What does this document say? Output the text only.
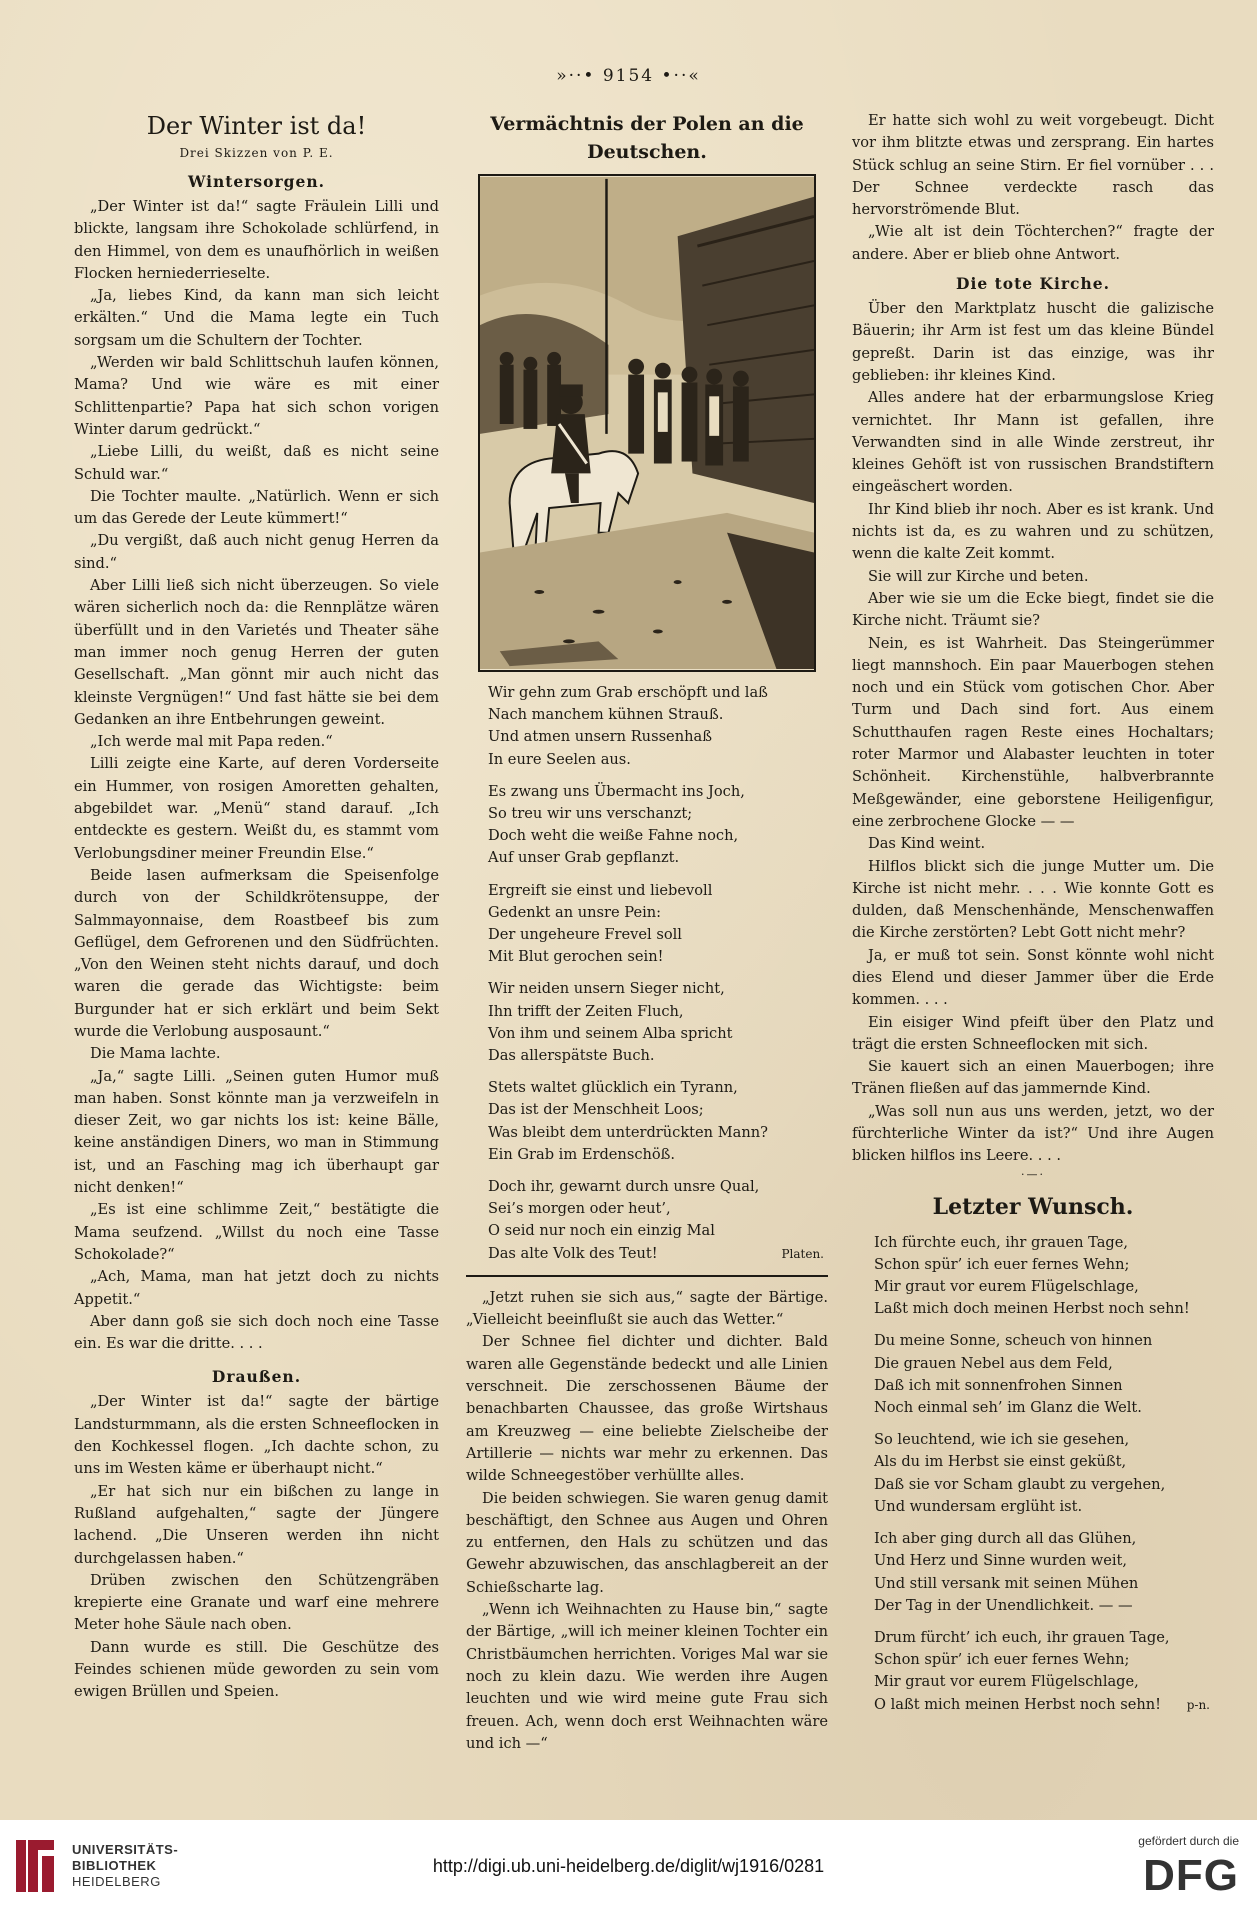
»··• 9154 •··«
Der Winter ist da!
Drei Skizzen von P. E.
Wintersorgen.

„Der Winter ist da!“ sagte Fräulein Lilli und blickte, langsam ihre Schokolade schlürfend, in den Himmel, von dem es unaufhörlich in weißen Flocken herniederrieselte.

„Ja, liebes Kind, da kann man sich leicht erkälten.“ Und die Mama legte ein Tuch sorgsam um die Schultern der Tochter.

„Werden wir bald Schlittschuh laufen können, Mama? Und wie wäre es mit einer Schlittenpartie? Papa hat sich schon vorigen Winter darum gedrückt.“

„Liebe Lilli, du weißt, daß es nicht seine Schuld war.“

Die Tochter maulte. „Natürlich. Wenn er sich um das Gerede der Leute kümmert!“

„Du vergißt, daß auch nicht genug Herren da sind.“

Aber Lilli ließ sich nicht überzeugen. So viele wären sicherlich noch da: die Rennplätze wären überfüllt und in den Varietés und Theater sähe man immer noch genug Herren der guten Gesellschaft. „Man gönnt mir auch nicht das kleinste Vergnügen!“ Und fast hätte sie bei dem Gedanken an ihre Entbehrungen geweint.

„Ich werde mal mit Papa reden.“

Lilli zeigte eine Karte, auf deren Vorderseite ein Hummer, von rosigen Amoretten gehalten, abgebildet war. „Menü“ stand darauf. „Ich entdeckte es gestern. Weißt du, es stammt vom Verlobungsdiner meiner Freundin Else.“

Beide lasen aufmerksam die Speisenfolge durch von der Schildkrötensuppe, der Salmmayonnaise, dem Roastbeef bis zum Geflügel, dem Gefrorenen und den Südfrüchten. „Von den Weinen steht nichts darauf, und doch waren die gerade das Wichtigste: beim Burgunder hat er sich erklärt und beim Sekt wurde die Verlobung ausposaunt.“

Die Mama lachte.

„Ja,“ sagte Lilli. „Seinen guten Humor muß man haben. Sonst könnte man ja verzweifeln in dieser Zeit, wo gar nichts los ist: keine Bälle, keine anständigen Diners, wo man in Stimmung ist, und an Fasching mag ich überhaupt gar nicht denken!“

„Es ist eine schlimme Zeit,“ bestätigte die Mama seufzend. „Willst du noch eine Tasse Schokolade?“

„Ach, Mama, man hat jetzt doch zu nichts Appetit.“

Aber dann goß sie sich doch noch eine Tasse ein. Es war die dritte. . . .

Draußen.

„Der Winter ist da!“ sagte der bärtige Landsturmmann, als die ersten Schneeflocken in den Kochkessel flogen. „Ich dachte schon, zu uns im Westen käme er überhaupt nicht.“

„Er hat sich nur ein bißchen zu lange in Rußland aufgehalten,“ sagte der Jüngere lachend. „Die Unseren werden ihn nicht durchgelassen haben.“

Drüben zwischen den Schützengräben krepierte eine Granate und warf eine mehrere Meter hohe Säule nach oben.

Dann wurde es still. Die Geschütze des Feindes schienen müde geworden zu sein vom ewigen Brüllen und Speien.

Vermächtnis der Polen an die Deutschen.
Wir gehn zum Grab erschöpft und laß
Nach manchem kühnen Strauß.
Und atmen unsern Russenhaß
In eure Seelen aus.
Es zwang uns Übermacht ins Joch,
So treu wir uns verschanzt;
Doch weht die weiße Fahne noch,
Auf unser Grab gepflanzt.
Ergreift sie einst und liebevoll
Gedenkt an unsre Pein:
Der ungeheure Frevel soll
Mit Blut gerochen sein!
Wir neiden unsern Sieger nicht,
Ihn trifft der Zeiten Fluch,
Von ihm und seinem Alba spricht
Das allerspätste Buch.
Stets waltet glücklich ein Tyrann,
Das ist der Menschheit Loos;
Was bleibt dem unterdrückten Mann?
Ein Grab im Erdenschöß.
Doch ihr, gewarnt durch unsre Qual,
Sei’s morgen oder heut’,
O seid nur noch ein einzig Mal
Das alte Volk des Teut!	Platen.

„Jetzt ruhen sie sich aus,“ sagte der Bärtige. „Vielleicht beeinflußt sie auch das Wetter.“

Der Schnee fiel dichter und dichter. Bald waren alle Gegenstände bedeckt und alle Linien verschneit. Die zerschossenen Bäume der benachbarten Chaussee, das große Wirtshaus am Kreuzweg — eine beliebte Zielscheibe der Artillerie — nichts war mehr zu erkennen. Das wilde Schneegestöber verhüllte alles.

Die beiden schwiegen. Sie waren genug damit beschäftigt, den Schnee aus Augen und Ohren zu entfernen, den Hals zu schützen und das Gewehr abzuwischen, das anschlagbereit an der Schießscharte lag.

„Wenn ich Weihnachten zu Hause bin,“ sagte der Bärtige, „will ich meiner kleinen Tochter ein Christbäumchen herrichten. Voriges Mal war sie noch zu klein dazu. Wie werden ihre Augen leuchten und wie wird meine gute Frau sich freuen. Ach, wenn doch erst Weihnachten wäre und ich —“

Er hatte sich wohl zu weit vorgebeugt. Dicht vor ihm blitzte etwas und zersprang. Ein hartes Stück schlug an seine Stirn. Er fiel vornüber . . . Der Schnee verdeckte rasch das hervorströmende Blut.

„Wie alt ist dein Töchterchen?“ fragte der andere. Aber er blieb ohne Antwort.

Die tote Kirche.

Über den Marktplatz huscht die galizische Bäuerin; ihr Arm ist fest um das kleine Bündel gepreßt. Darin ist das einzige, was ihr geblieben: ihr kleines Kind.

Alles andere hat der erbarmungslose Krieg vernichtet. Ihr Mann ist gefallen, ihre Verwandten sind in alle Winde zerstreut, ihr kleines Gehöft ist von russischen Brandstiftern eingeäschert worden.

Ihr Kind blieb ihr noch. Aber es ist krank. Und nichts ist da, es zu wahren und zu schützen, wenn die kalte Zeit kommt.

Sie will zur Kirche und beten.

Aber wie sie um die Ecke biegt, findet sie die Kirche nicht. Träumt sie?

Nein, es ist Wahrheit. Das Steingerümmer liegt mannshoch. Ein paar Mauerbogen stehen noch und ein Stück vom gotischen Chor. Aber Turm und Dach sind fort. Aus einem Schutthaufen ragen Reste eines Hochaltars; roter Marmor und Alabaster leuchten in toter Schönheit. Kirchenstühle, halbverbrannte Meßgewänder, eine geborstene Heiligenfigur, eine zerbrochene Glocke — —

Das Kind weint.

Hilflos blickt sich die junge Mutter um. Die Kirche ist nicht mehr. . . . Wie konnte Gott es dulden, daß Menschenhände, Menschenwaffen die Kirche zerstörten? Lebt Gott nicht mehr?

Ja, er muß tot sein. Sonst könnte wohl nicht dies Elend und dieser Jammer über die Erde kommen. . . .

Ein eisiger Wind pfeift über den Platz und trägt die ersten Schneeflocken mit sich.

Sie kauert sich an einen Mauerbogen; ihre Tränen fließen auf das jammernde Kind.

„Was soll nun aus uns werden, jetzt, wo der fürchterliche Winter da ist?“ Und ihre Augen blicken hilflos ins Leere. . . .

·—·
Letzter Wunsch.
Ich fürchte euch, ihr grauen Tage,
Schon spür’ ich euer fernes Wehn;
Mir graut vor eurem Flügelschlage,
Laßt mich doch meinen Herbst noch sehn!
Du meine Sonne, scheuch von hinnen
Die grauen Nebel aus dem Feld,
Daß ich mit sonnenfrohen Sinnen
Noch einmal seh’ im Glanz die Welt.
So leuchtend, wie ich sie gesehen,
Als du im Herbst sie einst geküßt,
Daß sie vor Scham glaubt zu vergehen,
Und wundersam erglüht ist.
Ich aber ging durch all das Glühen,
Und Herz und Sinne wurden weit,
Und still versank mit seinen Mühen
Der Tag in der Unendlichkeit. — —
Drum fürcht’ ich euch, ihr grauen Tage,
Schon spür’ ich euer fernes Wehn;
Mir graut vor eurem Flügelschlage,
O laßt mich meinen Herbst noch sehn!	p-n.
UNIVERSITÄTS-
BIBLIOTHEK
HEIDELBERG
http://digi.ub.uni-heidelberg.de/diglit/wj1916/0281
gefördert durch die
DFG
